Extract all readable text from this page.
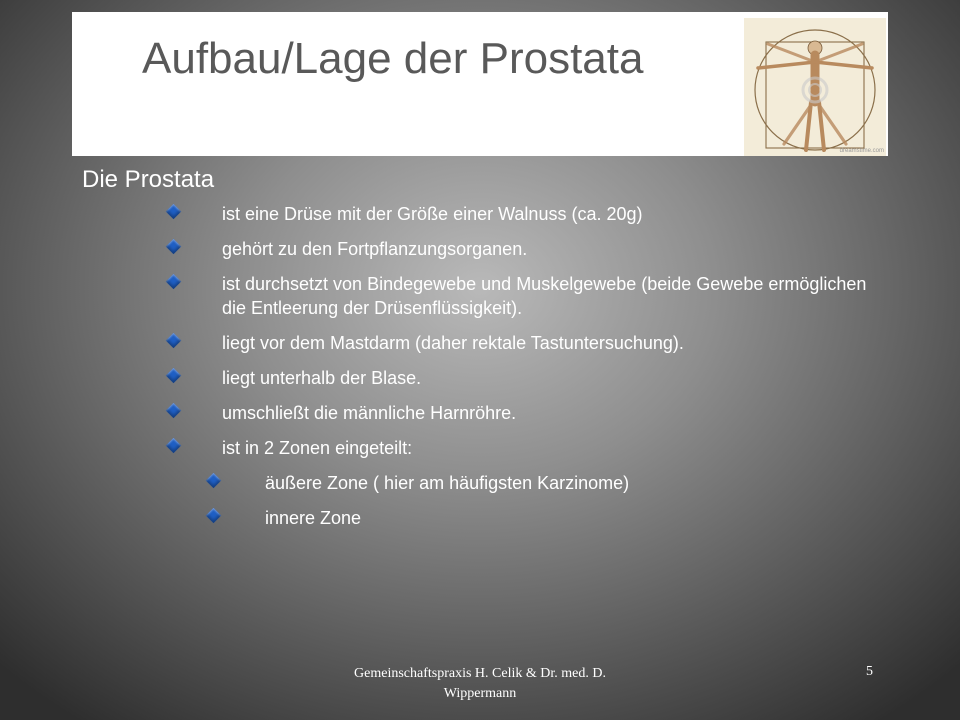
Aufbau/Lage der Prostata
dreamstime.com
Die Prostata
ist eine Drüse mit der Größe einer Walnuss (ca. 20g)
gehört zu den Fortpflanzungsorganen.
ist durchsetzt von Bindegewebe und Muskelgewebe (beide Gewebe ermöglichen die Entleerung der Drüsenflüssigkeit).
liegt vor dem Mastdarm (daher rektale Tastuntersuchung).
liegt unterhalb der Blase.
umschließt die männliche Harnröhre.
ist in 2 Zonen eingeteilt:
äußere Zone ( hier am häufigsten Karzinome)
innere Zone
Gemeinschaftspraxis H. Celik & Dr. med. D. Wippermann
5
